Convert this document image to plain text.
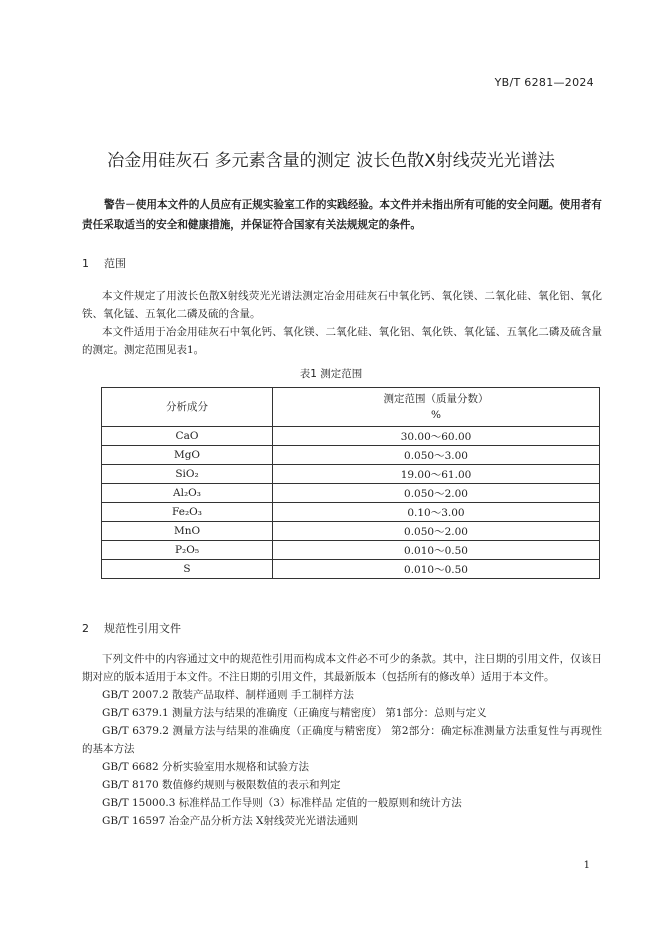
YB/T 6281—2024
冶金用硅灰石 多元素含量的测定 波长色散X射线荧光光谱法
警告－使用本文件的人员应有正规实验室工作的实践经验。本文件并未指出所有可能的安全问题。使用者有责任采取适当的安全和健康措施，并保证符合国家有关法规规定的条件。
1 范围
本文件规定了用波长色散X射线荧光光谱法测定冶金用硅灰石中氧化钙、氧化镁、二氧化硅、氧化铝、氧化铁、氧化锰、五氧化二磷及硫的含量。
本文件适用于冶金用硅灰石中氧化钙、氧化镁、二氧化硅、氧化铝、氧化铁、氧化锰、五氧化二磷及硫含量的测定。测定范围见表1。
表1 测定范围
分析成分	测定范围（质量分数）
%

CaO	30.00～60.00
MgO	0.050～3.00
SiO₂	19.00～61.00
Al₂O₃	0.050～2.00
Fe₂O₃	0.10～3.00
MnO	0.050～2.00
P₂O₅	0.010～0.50
S	0.010～0.50
2 规范性引用文件

下列文件中的内容通过文中的规范性引用而构成本文件必不可少的条款。其中，注日期的引用文件，仅该日期对应的版本适用于本文件。不注日期的引用文件，其最新版本（包括所有的修改单）适用于本文件。

GB/T 2007.2 散装产品取样、制样通则 手工制样方法

GB/T 6379.1 测量方法与结果的准确度（正确度与精密度） 第1部分：总则与定义

GB/T 6379.2 测量方法与结果的准确度（正确度与精密度） 第2部分：确定标准测量方法重复性与再现性的基本方法

GB/T 6682 分析实验室用水规格和试验方法

GB/T 8170 数值修约规则与极限数值的表示和判定

GB/T 15000.3 标准样品工作导则（3）标准样品 定值的一般原则和统计方法

GB/T 16597 冶金产品分析方法 X射线荧光光谱法通则

1
